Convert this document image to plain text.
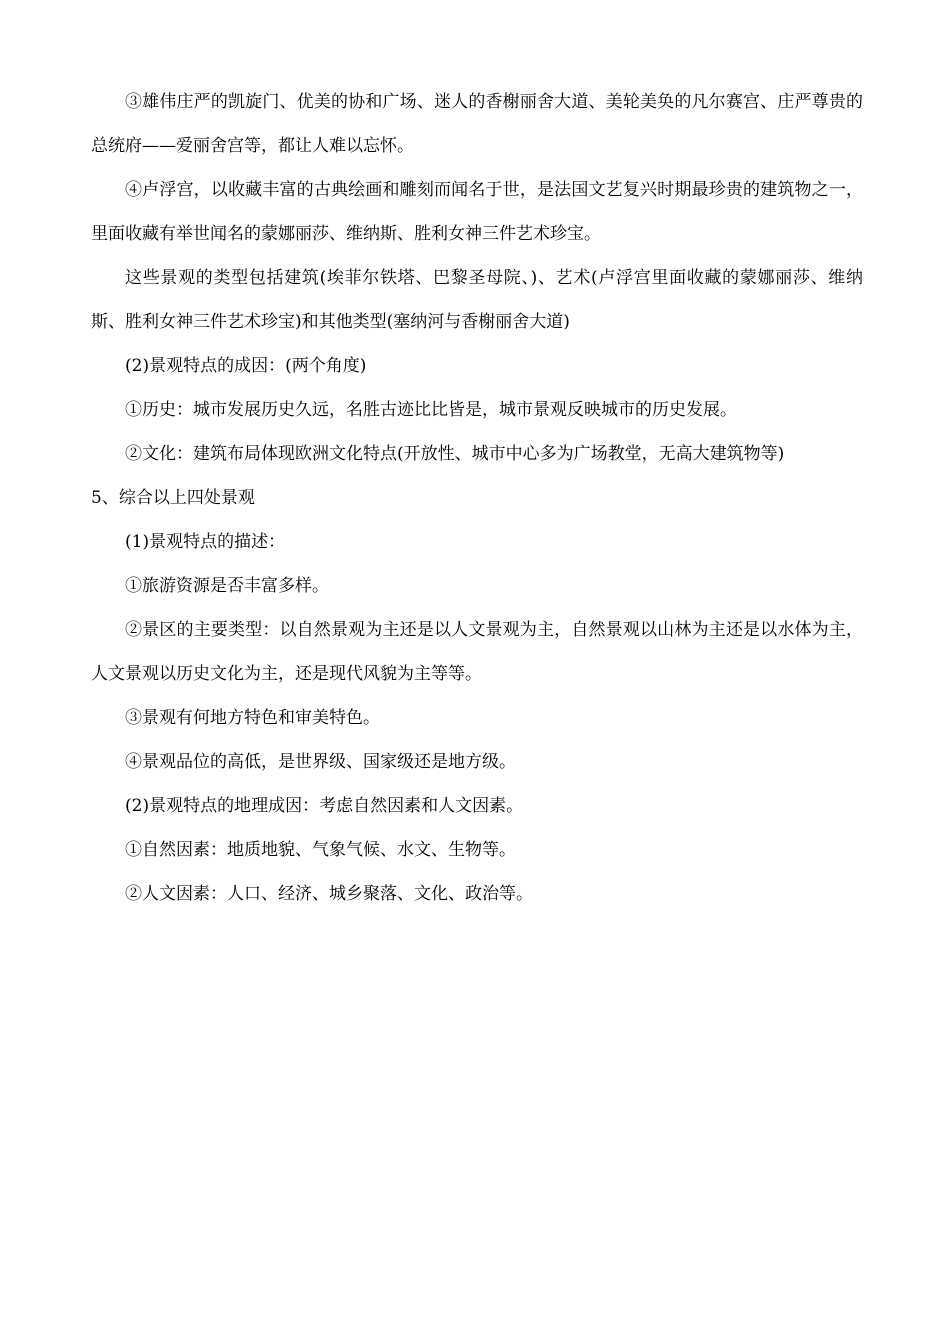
③雄伟庄严的凯旋门、优美的协和广场、迷人的香榭丽舍大道、美轮美奂的凡尔赛宫、庄严尊贵的总统府——爱丽舍宫等，都让人难以忘怀。

④卢浮宫，以收藏丰富的古典绘画和雕刻而闻名于世，是法国文艺复兴时期最珍贵的建筑物之一，里面收藏有举世闻名的蒙娜丽莎、维纳斯、胜利女神三件艺术珍宝。

这些景观的类型包括建筑(埃菲尔铁塔、巴黎圣母院、)、艺术(卢浮宫里面收藏的蒙娜丽莎、维纳斯、胜利女神三件艺术珍宝)和其他类型(塞纳河与香榭丽舍大道)

(2)景观特点的成因：(两个角度)

①历史：城市发展历史久远，名胜古迹比比皆是，城市景观反映城市的历史发展。

②文化：建筑布局体现欧洲文化特点(开放性、城市中心多为广场教堂，无高大建筑物等)

5、综合以上四处景观

(1)景观特点的描述：

①旅游资源是否丰富多样。

②景区的主要类型：以自然景观为主还是以人文景观为主，自然景观以山林为主还是以水体为主，人文景观以历史文化为主，还是现代风貌为主等等。

③景观有何地方特色和审美特色。

④景观品位的高低，是世界级、国家级还是地方级。

(2)景观特点的地理成因：考虑自然因素和人文因素。

①自然因素：地质地貌、气象气候、水文、生物等。

②人文因素：人口、经济、城乡聚落、文化、政治等。
